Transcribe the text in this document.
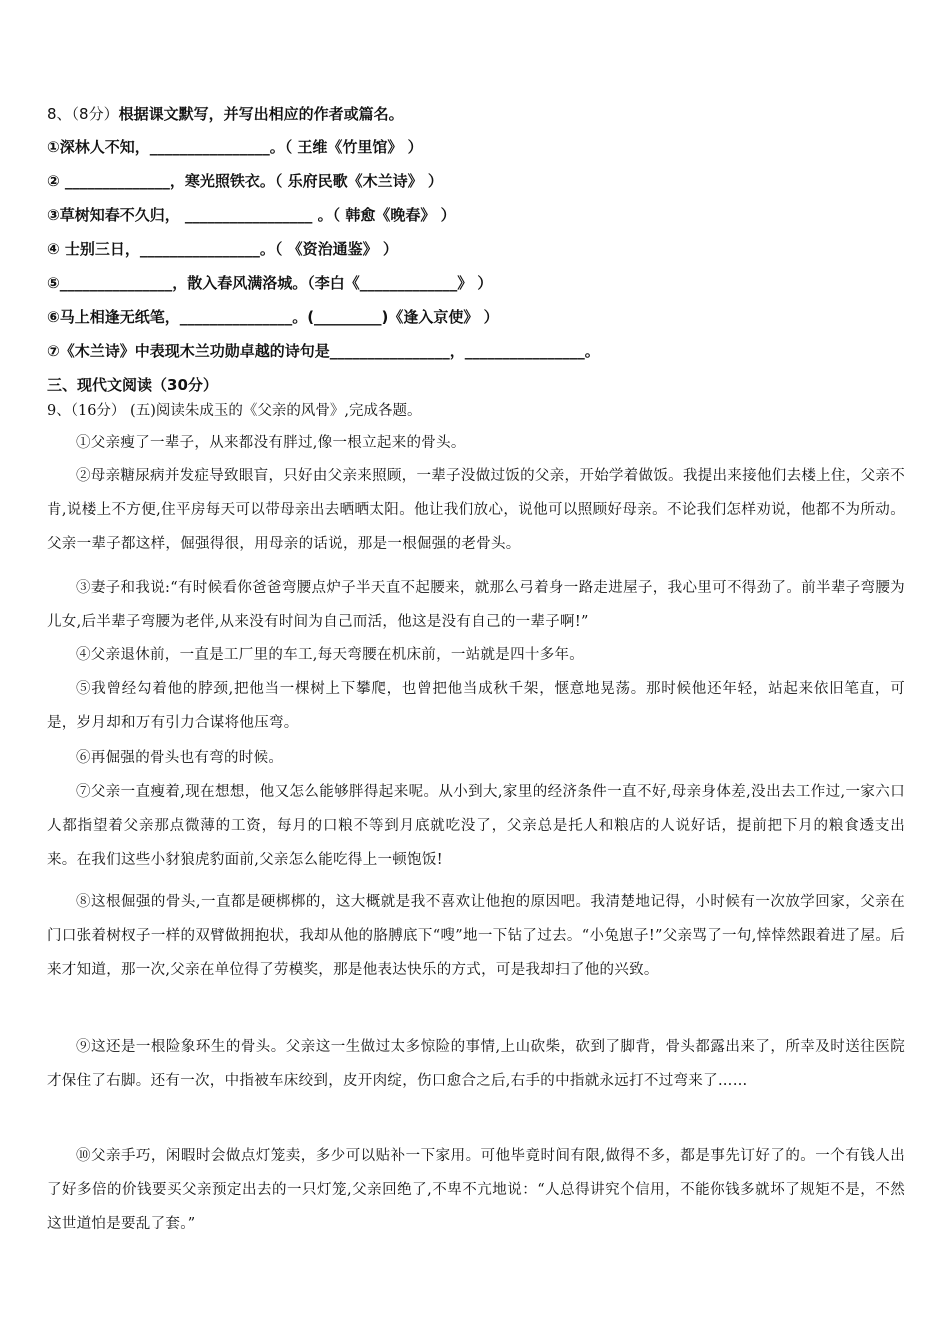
8、（8分）根据课文默写，并写出相应的作者或篇名。
①深林人不知，________________。（ 王维《竹里馆》 ）
② ______________，寒光照铁衣。（ 乐府民歌《木兰诗》 ）
③草树知春不久归， _________________ 。（ 韩愈《晚春》 ）
④ 士别三日，________________。（ 《资治通鉴》 ）
⑤_______________，散入春风满洛城。（李白《_____________》 ）
⑥马上相逢无纸笔，_______________。(_________)《逢入京使》 ）
⑦《木兰诗》中表现木兰功勋卓越的诗句是________________，________________。
三、现代文阅读（30分）
9、（16分） (五)阅读朱成玉的《父亲的风骨》,完成各题。
①父亲瘦了一辈子，从来都没有胖过,像一根立起来的骨头。
②母亲糖尿病并发症导致眼盲，只好由父亲来照顾，一辈子没做过饭的父亲，开始学着做饭。我提出来接他们去楼上住，父亲不肯,说楼上不方便,住平房每天可以带母亲出去晒晒太阳。他让我们放心，说他可以照顾好母亲。不论我们怎样劝说，他都不为所动。父亲一辈子都这样，倔强得很，用母亲的话说，那是一根倔强的老骨头。
③妻子和我说:“有时候看你爸爸弯腰点炉子半天直不起腰来，就那么弓着身一路走进屋子，我心里可不得劲了。前半辈子弯腰为儿女,后半辈子弯腰为老伴,从来没有时间为自己而活，他这是没有自己的一辈子啊!”
④父亲退休前，一直是工厂里的车工,每天弯腰在机床前，一站就是四十多年。
⑤我曾经勾着他的脖颈,把他当一棵树上下攀爬，也曾把他当成秋千架，惬意地晃荡。那时候他还年轻，站起来依旧笔直，可是，岁月却和万有引力合谋将他压弯。
⑥再倔强的骨头也有弯的时候。
⑦父亲一直瘦着,现在想想，他又怎么能够胖得起来呢。从小到大,家里的经济条件一直不好,母亲身体差,没出去工作过,一家六口人都指望着父亲那点微薄的工资，每月的口粮不等到月底就吃没了，父亲总是托人和粮店的人说好话，提前把下月的粮食透支出来。在我们这些小豺狼虎豹面前,父亲怎么能吃得上一顿饱饭!
⑧这根倔强的骨头,一直都是硬梆梆的，这大概就是我不喜欢让他抱的原因吧。我清楚地记得，小时候有一次放学回家，父亲在门口张着树杈子一样的双臂做拥抱状，我却从他的胳膊底下“嗖”地一下钻了过去。“小兔崽子!”父亲骂了一句,悻悻然跟着进了屋。后来才知道，那一次,父亲在单位得了劳模奖，那是他表达快乐的方式，可是我却扫了他的兴致。
⑨这还是一根险象环生的骨头。父亲这一生做过太多惊险的事情,上山砍柴，砍到了脚背，骨头都露出来了，所幸及时送往医院才保住了右脚。还有一次，中指被车床绞到，皮开肉绽，伤口愈合之后,右手的中指就永远打不过弯来了……
⑩父亲手巧，闲暇时会做点灯笼卖，多少可以贴补一下家用。可他毕竟时间有限,做得不多，都是事先订好了的。一个有钱人出了好多倍的价钱要买父亲预定出去的一只灯笼,父亲回绝了,不卑不亢地说：“人总得讲究个信用，不能你钱多就坏了规矩不是，不然这世道怕是要乱了套。”
